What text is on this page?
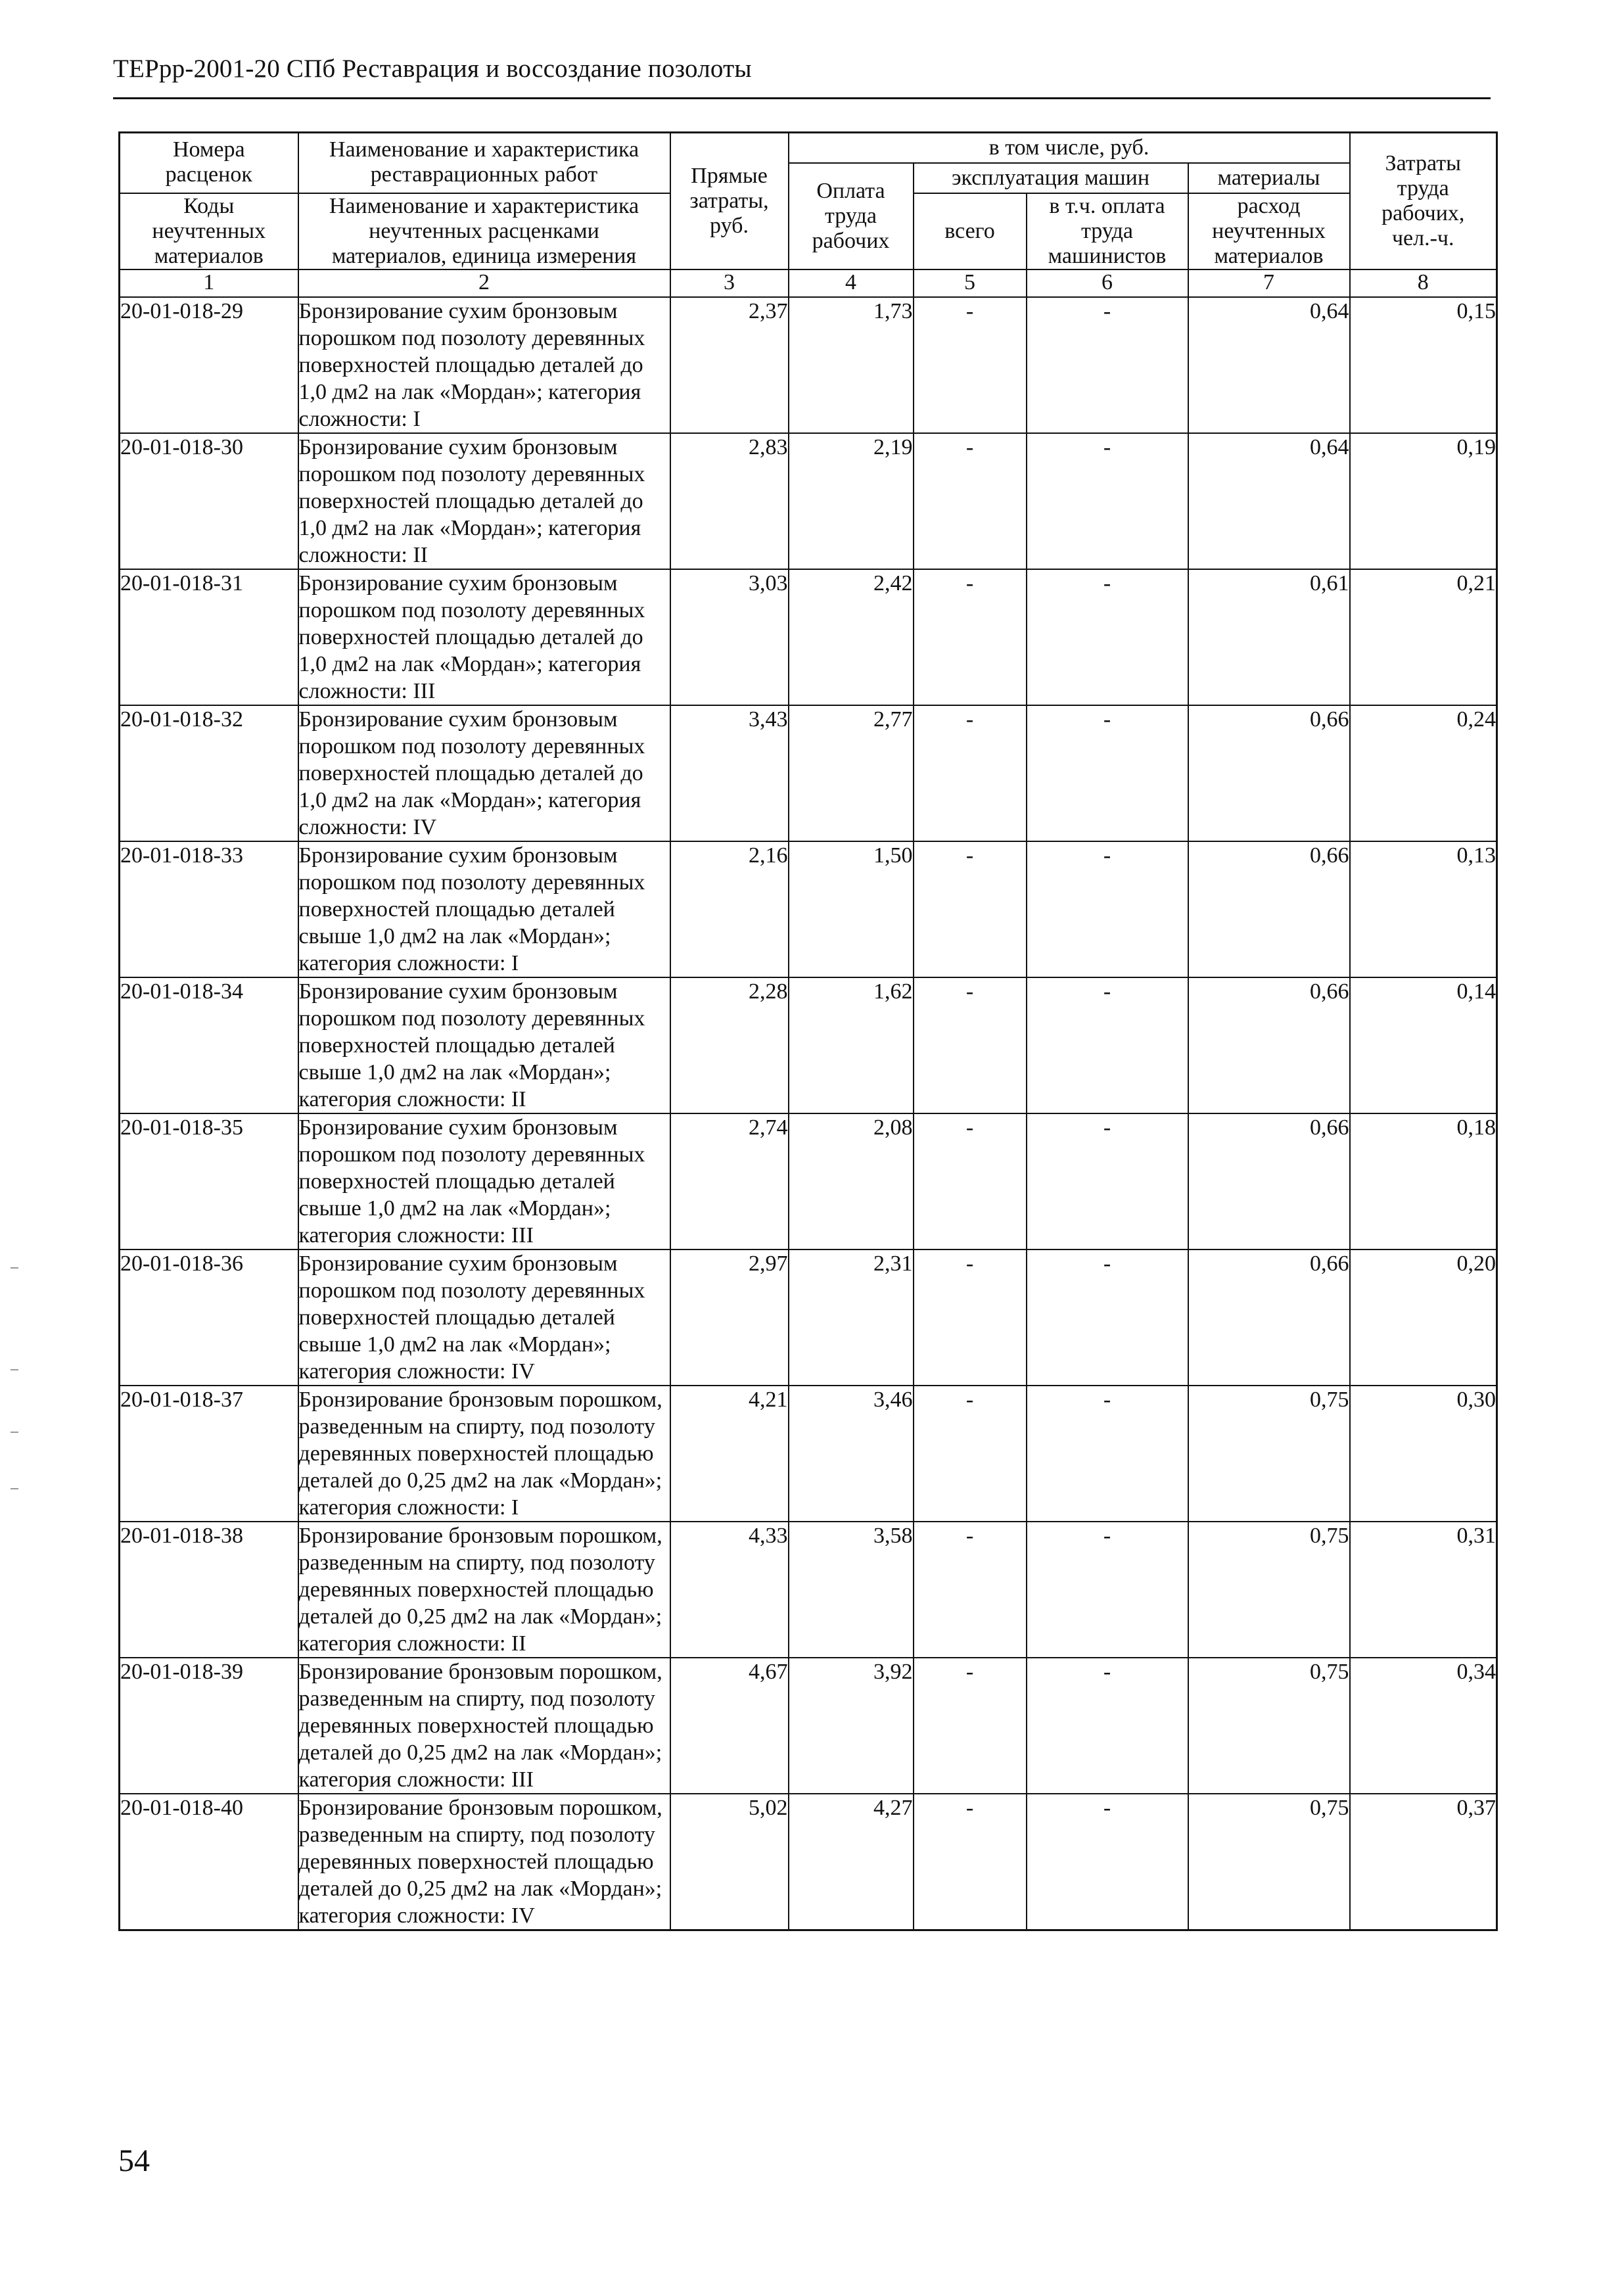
ТЕРрр-2001-20 СПб Реставрация и воссоздание позолоты
Номера расценок	Наименование и характеристика реставрационных работ	Прямые затраты, руб.	в том числе, руб.				Затраты труда рабочих, чел.-ч.
			Оплата труда рабочих	эксплуатация машин		материалы	
				всего	в т.ч. оплата труда машинистов	расход неучтенных материалов	
Коды неучтенных материалов	Наименование и характеристика неучтенных расценками материалов, единица измерения						
1	2	3	4	5	6	7	8
20-01-018-29	Бронзирование сухим бронзовым порошком под позолоту деревянных поверхностей площадью деталей до 1,0 дм2 на лак «Мордан»; категория сложности: I	2,37	1,73	-	-	0,64	0,15
20-01-018-30	Бронзирование сухим бронзовым порошком под позолоту деревянных поверхностей площадью деталей до 1,0 дм2 на лак «Мордан»; категория сложности: II	2,83	2,19	-	-	0,64	0,19
20-01-018-31	Бронзирование сухим бронзовым порошком под позолоту деревянных поверхностей площадью деталей до 1,0 дм2 на лак «Мордан»; категория сложности: III	3,03	2,42	-	-	0,61	0,21
20-01-018-32	Бронзирование сухим бронзовым порошком под позолоту деревянных поверхностей площадью деталей до 1,0 дм2 на лак «Мордан»; категория сложности: IV	3,43	2,77	-	-	0,66	0,24
20-01-018-33	Бронзирование сухим бронзовым порошком под позолоту деревянных поверхностей площадью деталей свыше 1,0 дм2 на лак «Мордан»; категория сложности: I	2,16	1,50	-	-	0,66	0,13
20-01-018-34	Бронзирование сухим бронзовым порошком под позолоту деревянных поверхностей площадью деталей свыше 1,0 дм2 на лак «Мордан»; категория сложности: II	2,28	1,62	-	-	0,66	0,14
20-01-018-35	Бронзирование сухим бронзовым порошком под позолоту деревянных поверхностей площадью деталей свыше 1,0 дм2 на лак «Мордан»; категория сложности: III	2,74	2,08	-	-	0,66	0,18
20-01-018-36	Бронзирование сухим бронзовым порошком под позолоту деревянных поверхностей площадью деталей свыше 1,0 дм2 на лак «Мордан»; категория сложности: IV	2,97	2,31	-	-	0,66	0,20
20-01-018-37	Бронзирование бронзовым порошком, разведенным на спирту, под позолоту деревянных поверхностей площадью деталей до 0,25 дм2 на лак «Мордан»; категория сложности: I	4,21	3,46	-	-	0,75	0,30
20-01-018-38	Бронзирование бронзовым порошком, разведенным на спирту, под позолоту деревянных поверхностей площадью деталей до 0,25 дм2 на лак «Мордан»; категория сложности: II	4,33	3,58	-	-	0,75	0,31
20-01-018-39	Бронзирование бронзовым порошком, разведенным на спирту, под позолоту деревянных поверхностей площадью деталей до 0,25 дм2 на лак «Мордан»; категория сложности: III	4,67	3,92	-	-	0,75	0,34
20-01-018-40	Бронзирование бронзовым порошком, разведенным на спирту, под позолоту деревянных поверхностей площадью деталей до 0,25 дм2 на лак «Мордан»; категория сложности: IV	5,02	4,27	-	-	0,75	0,37
54
